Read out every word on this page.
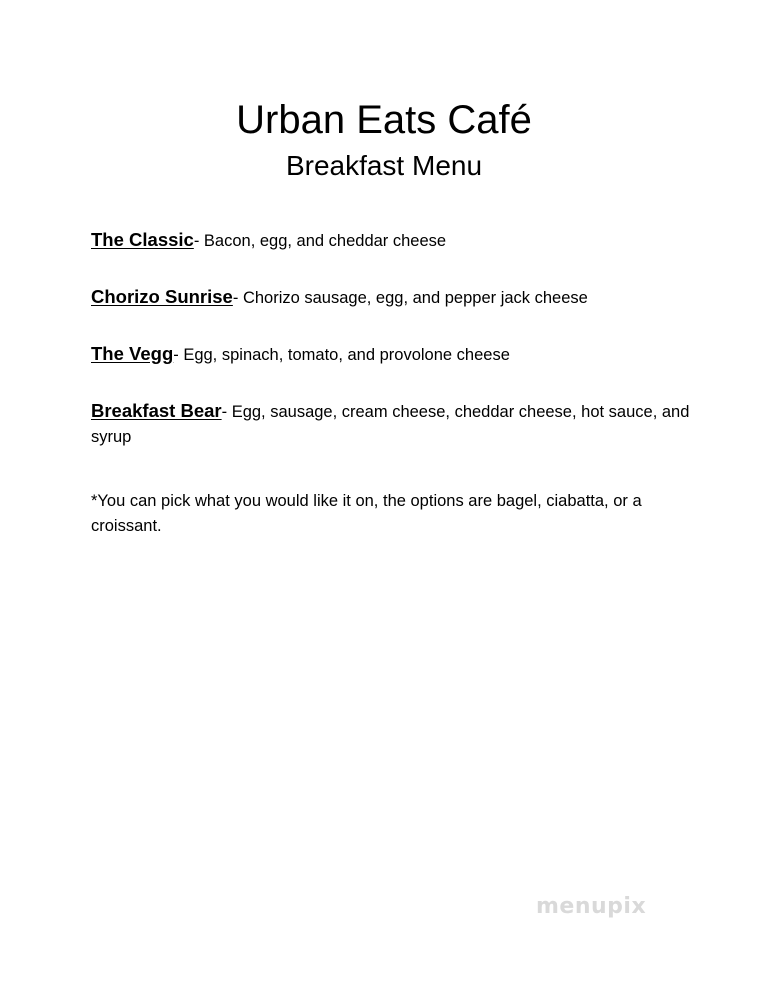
Urban Eats Café
Breakfast Menu
The Classic- Bacon, egg, and cheddar cheese
Chorizo Sunrise- Chorizo sausage, egg, and pepper jack cheese
The Vegg- Egg, spinach, tomato, and provolone cheese
Breakfast Bear- Egg, sausage, cream cheese, cheddar cheese, hot sauce, and syrup

*You can pick what you would like it on, the options are bagel, ciabatta, or a croissant.

menupix
